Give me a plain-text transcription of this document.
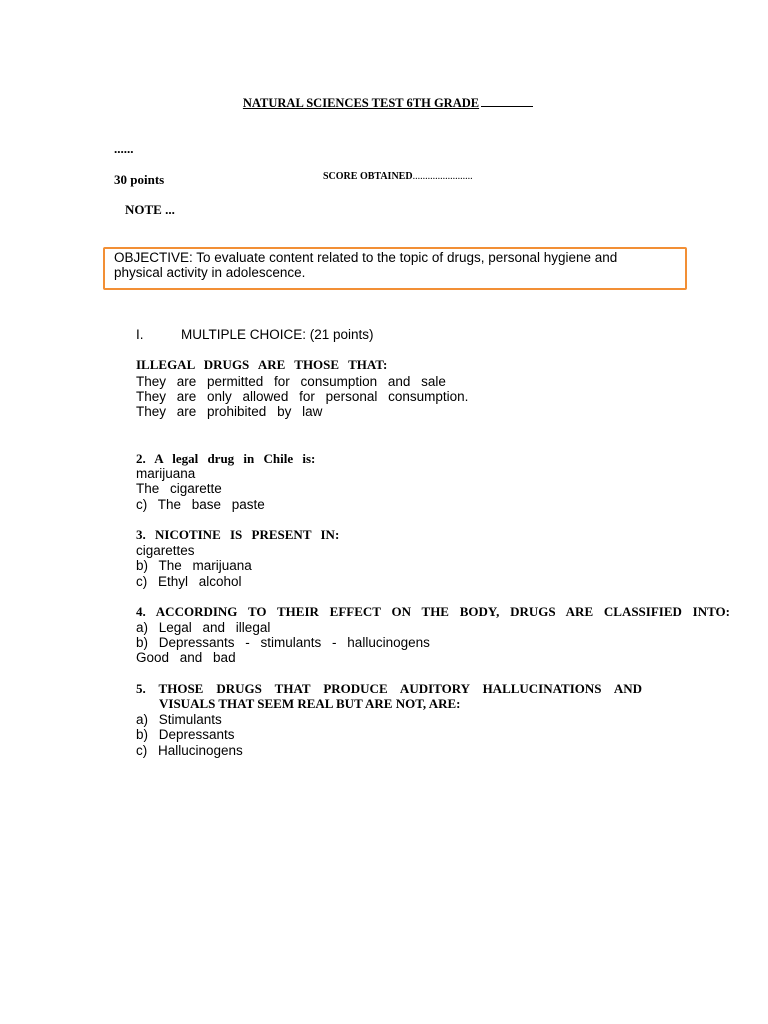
NATURAL SCIENCES TEST 6TH GRADE
......
30 points	SCORE OBTAINED........................
NOTE ...
OBJECTIVE: To evaluate content related to the topic of drugs, personal hygiene and
physical activity in adolescence.
I.	MULTIPLE CHOICE: (21 points)
ILLEGAL DRUGS ARE THOSE THAT:
They are permitted for consumption and sale
They are only allowed for personal consumption.
They are prohibited by law
2. A legal drug in Chile is:
marijuana
The cigarette
c) The base paste
3. NICOTINE IS PRESENT IN:
cigarettes
b) The marijuana
c) Ethyl alcohol
4. ACCORDING TO THEIR EFFECT ON THE BODY, DRUGS ARE CLASSIFIED INTO:
a) Legal and illegal
b) Depressants - stimulants - hallucinogens
Good and bad
5. THOSE DRUGS THAT PRODUCE AUDITORY HALLUCINATIONS AND
VISUALS THAT SEEM REAL BUT ARE NOT, ARE:
a) Stimulants
b) Depressants
c) Hallucinogens
